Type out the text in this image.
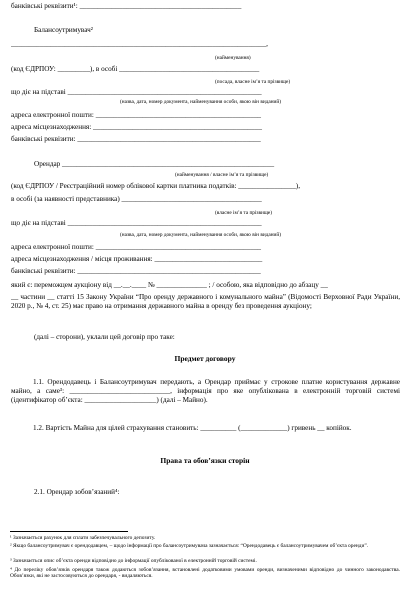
банківські реквізити¹: _____________________________________________
Балансоутримувач²
_______________________________________________________________________,
(найменування)
(код ЄДРПОУ: _________), в особі _______________________________________
(посада, власне ім’я та прізвище)
що діє на підставі ______________________________________________________
(назва, дата, номер документа, найменування особи, якою він виданий)
адреса електронної пошти: ______________________________________________
адреса місцезнаходження: _______________________________________________
банківські реквізити: ___________________________________________________
Орендар ___________________________________________________________
(найменування / власне ім’я та прізвище)
(код ЄДРПОУ / Реєстраційний номер облікової картки платника податків: ________________),
в особі (за наявності представника) _______________________________________
(власне ім’я та прізвище)
що діє на підставі ______________________________________________________
(назва, дата, номер документа, найменування особи, якою він виданий)
адреса електронної пошти: ______________________________________________
адреса місцезнаходження / місця проживання: ______________________________
банківські реквізити: ___________________________________________________
який є: переможцем аукціону від __.__.____ № ______________ ; / особою, яка відповідно до абзацу __
__ частини __ статті 15 Закону України “Про оренду державного і комунального майна” (Відомості Верховної Ради України, 2020 р., № 4, ст. 25) має право на отримання державного майна в оренду без проведення аукціону;
(далі – сторони), уклали цей договір про таке:
Предмет договору
1.1. Орендодавець і Балансоутримувач передають, а Орендар приймає у строкове платне користування державне майно, а саме³: ____________________________, інформація про яке опублікована в електронній торговій системі (ідентифікатор об’єкта: ____________________) (далі – Майно).
1.2. Вартість Майна для цілей страхування становить: __________ (_____________) гривень __ копійок.
Права та обов’язки сторін
2.1. Орендар зобов’язаний⁴:
¹ Зазначається рахунок для сплати забезпечувального депозиту.
² Якщо балансоутримувач є орендодавцем, – щодо інформації про балансоутримувача зазначається: “Орендодавець є балансоутримувачем об’єкта оренди”.
³ Зазначається опис об’єкта оренди відповідно до інформації опублікованої в електронній торговій системі.
⁴ До переліку обов’язків орендаря також додаються зобов’язання, встановлені додатковими умовами оренди, визначеними відповідно до чинного законодавства. Обов’язки, які не застосовуються до орендаря, - видаляються.
